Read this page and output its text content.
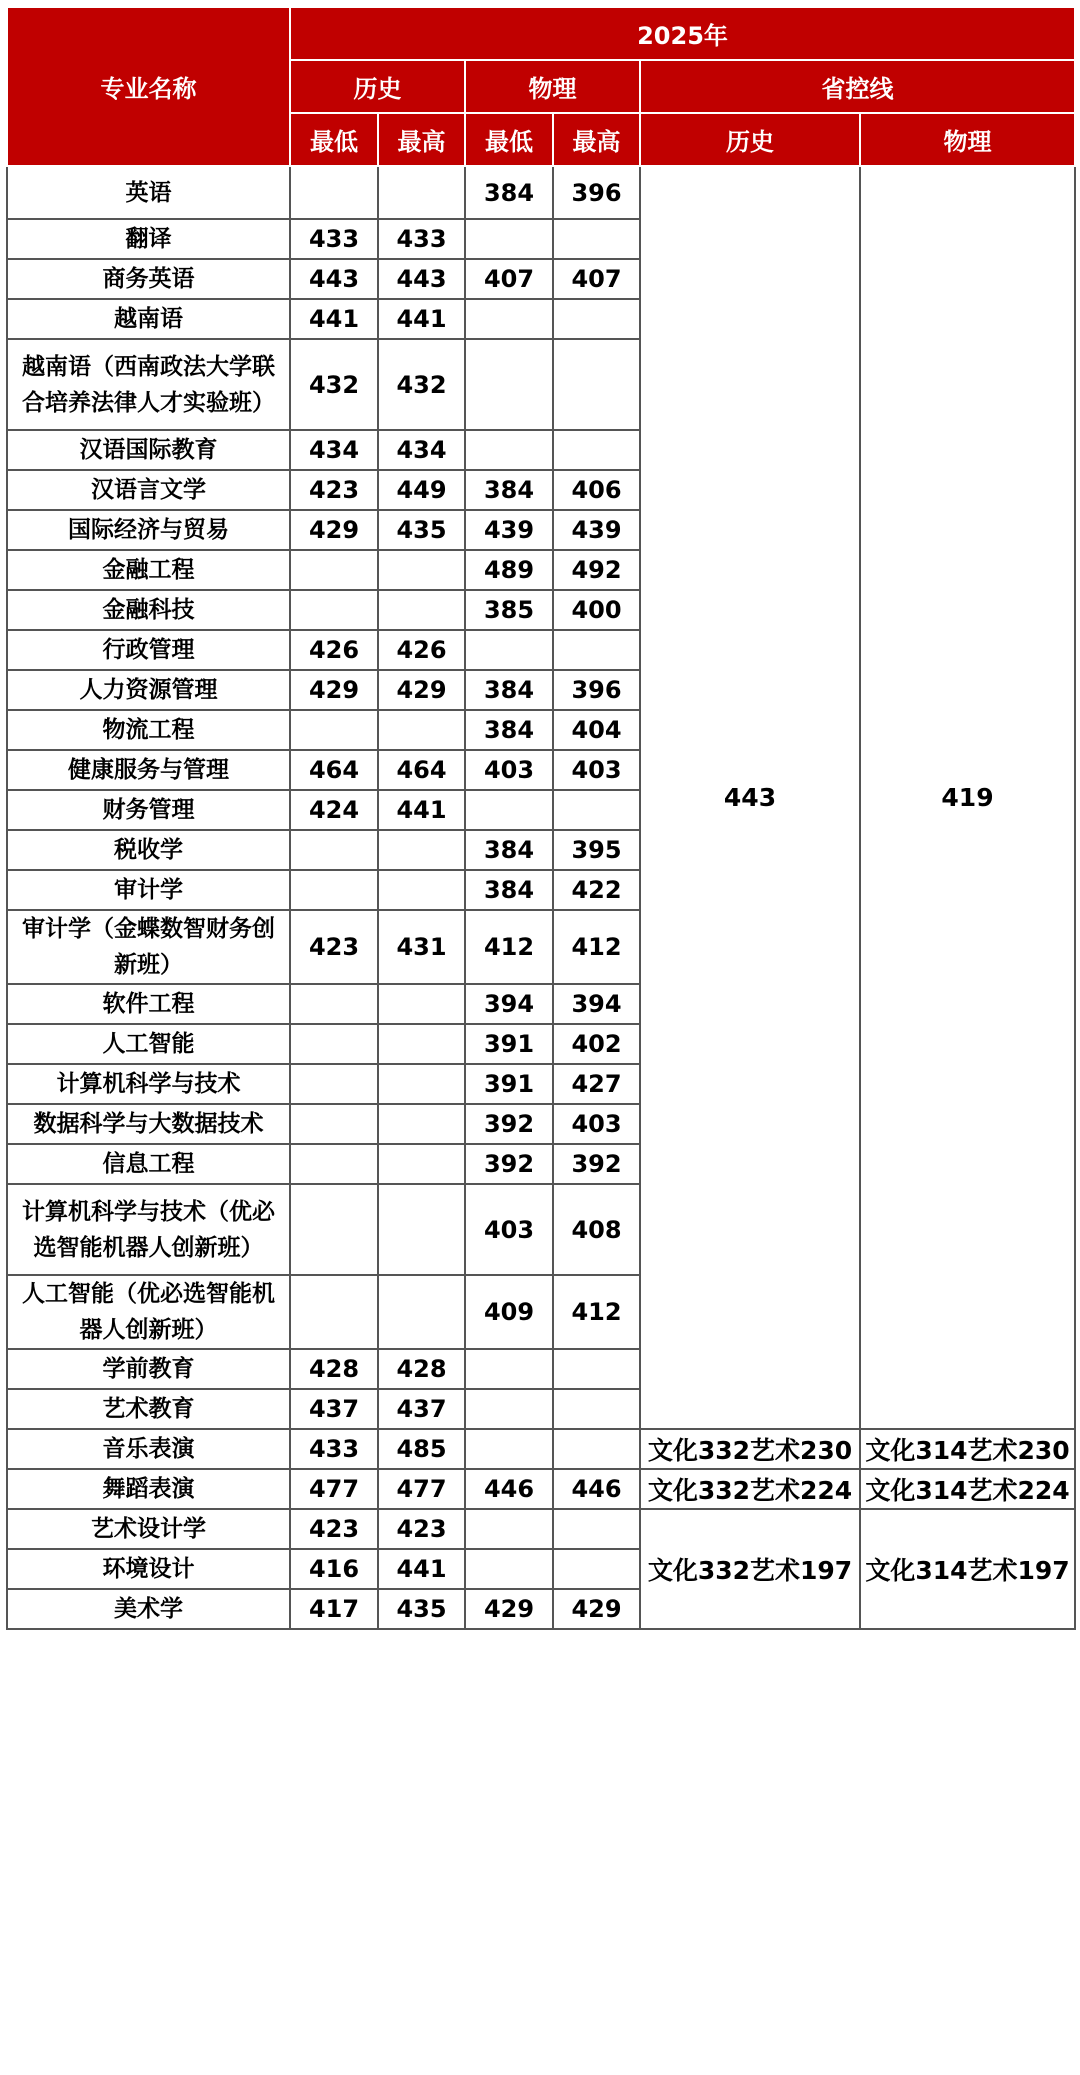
专业名称	2025年					
	历史		物理		省控线	
	最低	最高	最低	最高	历史	物理
英语			384	396	443	419
翻译	433	433				
商务英语	443	443	407	407		
越南语	441	441				
越南语（西南政法大学联合培养法律人才实验班）	432	432				
汉语国际教育	434	434				
汉语言文学	423	449	384	406		
国际经济与贸易	429	435	439	439		
金融工程			489	492		
金融科技			385	400		
行政管理	426	426				
人力资源管理	429	429	384	396		
物流工程			384	404		
健康服务与管理	464	464	403	403		
财务管理	424	441				
税收学			384	395		
审计学			384	422		
审计学（金蝶数智财务创新班）	423	431	412	412		
软件工程			394	394		
人工智能			391	402		
计算机科学与技术			391	427		
数据科学与大数据技术			392	403		
信息工程			392	392		
计算机科学与技术（优必选智能机器人创新班）			403	408		
人工智能（优必选智能机器人创新班）			409	412		
学前教育	428	428				
艺术教育	437	437				
音乐表演	433	485			文化332艺术230	文化314艺术230
舞蹈表演	477	477	446	446	文化332艺术224	文化314艺术224
艺术设计学	423	423			文化332艺术197	文化314艺术197
环境设计	416	441				
美术学	417	435	429	429		
